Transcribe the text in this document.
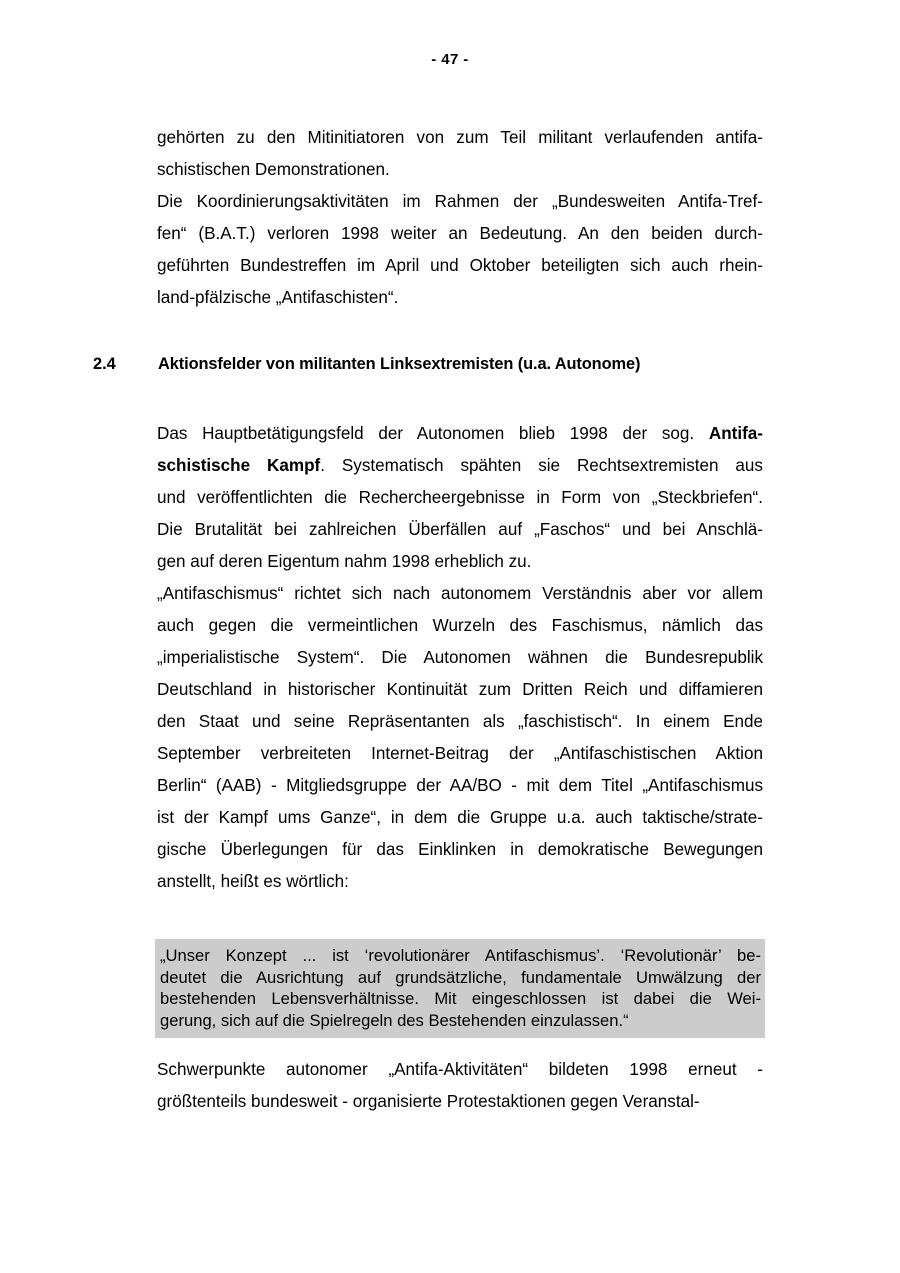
- 47 -

gehörten zu den Mitinitiatoren von zum Teil militant verlaufenden antifa-
schistischen Demonstrationen.

Die Koordinierungsaktivitäten im Rahmen der „Bundesweiten Antifa-Tref-
fen“ (B.A.T.) verloren 1998 weiter an Bedeutung. An den beiden durch-
geführten Bundestreffen im April und Oktober beteiligten sich auch rhein-
land-pfälzische „Antifaschisten“.

2.4	Aktionsfelder von militanten Linksextremisten (u.a. Autonome)

Das Hauptbetätigungsfeld der Autonomen blieb 1998 der sog. Antifa-
schistische Kampf. Systematisch spähten sie Rechtsextremisten aus
und veröffentlichten die Rechercheergebnisse in Form von „Steckbriefen“.
Die Brutalität bei zahlreichen Überfällen auf „Faschos“ und bei Anschlä-
gen auf deren Eigentum nahm 1998 erheblich zu.

„Antifaschismus“ richtet sich nach autonomem Verständnis aber vor allem
auch gegen die vermeintlichen Wurzeln des Faschismus, nämlich das
„imperialistische System“. Die Autonomen wähnen die Bundesrepublik
Deutschland in historischer Kontinuität zum Dritten Reich und diffamieren
den Staat und seine Repräsentanten als „faschistisch“. In einem Ende
September verbreiteten Internet-Beitrag der „Antifaschistischen Aktion
Berlin“ (AAB) - Mitgliedsgruppe der AA/BO - mit dem Titel „Antifaschismus
ist der Kampf ums Ganze“, in dem die Gruppe u.a. auch taktische/strate-
gische Überlegungen für das Einklinken in demokratische Bewegungen
anstellt, heißt es wörtlich:

„Unser Konzept ... ist ‘revolutionärer Antifaschismus’. ‘Revolutionär’ be-
deutet die Ausrichtung auf grundsätzliche, fundamentale Umwälzung der
bestehenden Lebensverhältnisse. Mit eingeschlossen ist dabei die Wei-
gerung, sich auf die Spielregeln des Bestehenden einzulassen.“

Schwerpunkte autonomer „Antifa-Aktivitäten“ bildeten 1998 erneut -
größtenteils bundesweit - organisierte Protestaktionen gegen Veranstal-
